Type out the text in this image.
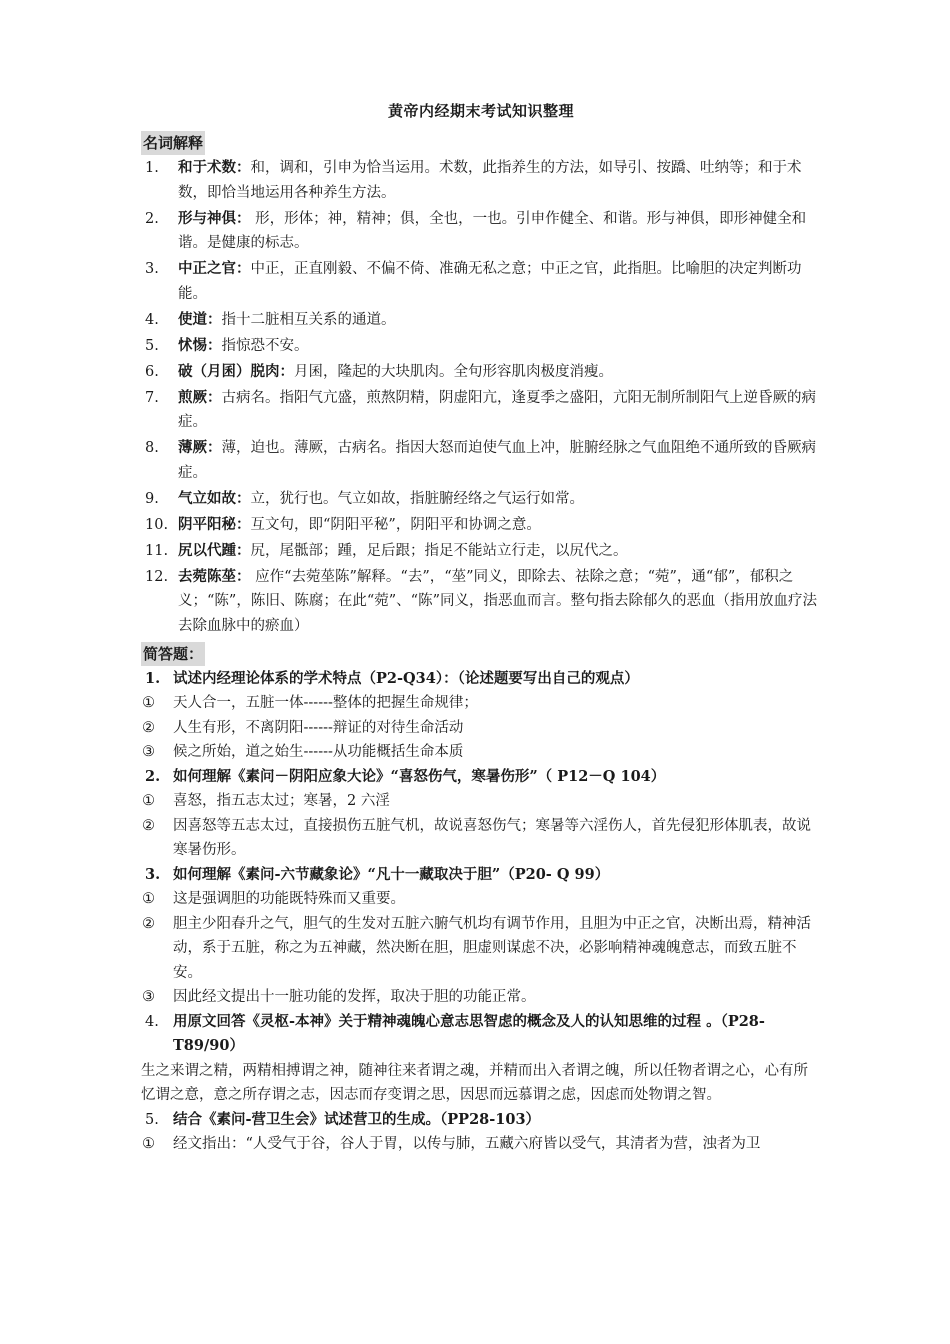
黄帝内经期末考试知识整理
名词解释
1. 和于术数：和，调和，引申为恰当运用。术数，此指养生的方法，如导引、按蹻、吐纳等；和于术数，即恰当地运用各种养生方法。
2. 形与神俱： 形，形体；神，精神；俱，全也，一也。引申作健全、和谐。形与神俱，即形神健全和谐。是健康的标志。
3. 中正之官：中正，正直刚毅、不偏不倚、准确无私之意；中正之官，此指胆。比喻胆的决定判断功能。
4. 使道：指十二脏相互关系的通道。
5. 怵惕：指惊恐不安。
6. 破（月囷）脱肉：月囷，隆起的大块肌肉。全句形容肌肉极度消瘦。
7. 煎厥：古病名。指阳气亢盛，煎熬阴精，阴虚阳亢，逢夏季之盛阳，亢阳无制所制阳气上逆昏厥的病症。
8. 薄厥：薄，迫也。薄厥，古病名。指因大怒而迫使气血上冲，脏腑经脉之气血阻绝不通所致的昏厥病症。
9. 气立如故：立，犹行也。气立如故，指脏腑经络之气运行如常。
10. 阴平阳秘：互文句，即“阴阳平秘”，阴阳平和协调之意。
11. 尻以代踵：尻，尾骶部；踵，足后跟；指足不能站立行走，以尻代之。
12. 去菀陈莝： 应作“去菀莝陈”解释。“去”，“莝”同义，即除去、祛除之意；“菀”，通“郁”，郁积之义；“陈”，陈旧、陈腐；在此“菀”、“陈”同义，指恶血而言。整句指去除郁久的恶血（指用放血疗法去除血脉中的瘀血）
简答题：
1. 试述内经理论体系的学术特点（P2-Q34）：（论述题要写出自己的观点）
① 天人合一，五脏一体------整体的把握生命规律；
② 人生有形，不离阴阳------辩证的对待生命活动
③ 候之所始，道之始生------从功能概括生命本质
2. 如何理解《素问－阴阳应象大论》“喜怒伤气，寒暑伤形”（ P12－Q 104）
① 喜怒，指五志太过；寒暑，2 六淫
② 因喜怒等五志太过，直接损伤五脏气机，故说喜怒伤气；寒暑等六淫伤人，首先侵犯形体肌表，故说寒暑伤形。
3. 如何理解《素问-六节藏象论》“凡十一藏取决于胆”（P20- Q 99）
① 这是强调胆的功能既特殊而又重要。
② 胆主少阳春升之气，胆气的生发对五脏六腑气机均有调节作用，且胆为中正之官，决断出焉，精神活动，系于五脏，称之为五神藏，然决断在胆，胆虚则谋虑不决，必影响精神魂魄意志，而致五脏不安。
③ 因此经文提出十一脏功能的发挥，取决于胆的功能正常。
4. 用原文回答《灵枢-本神》关于精神魂魄心意志思智虑的概念及人的认知思维的过程 。（P28-T89/90）
生之来谓之精，两精相搏谓之神，随神往来者谓之魂，并精而出入者谓之魄，所以任物者谓之心，心有所忆谓之意，意之所存谓之志，因志而存变谓之思，因思而远慕谓之虑，因虑而处物谓之智。
5. 结合《素问-营卫生会》试述营卫的生成。（PP28-103）
① 经文指出：“人受气于谷，谷人于胃，以传与肺，五藏六府皆以受气，其清者为营，浊者为卫
